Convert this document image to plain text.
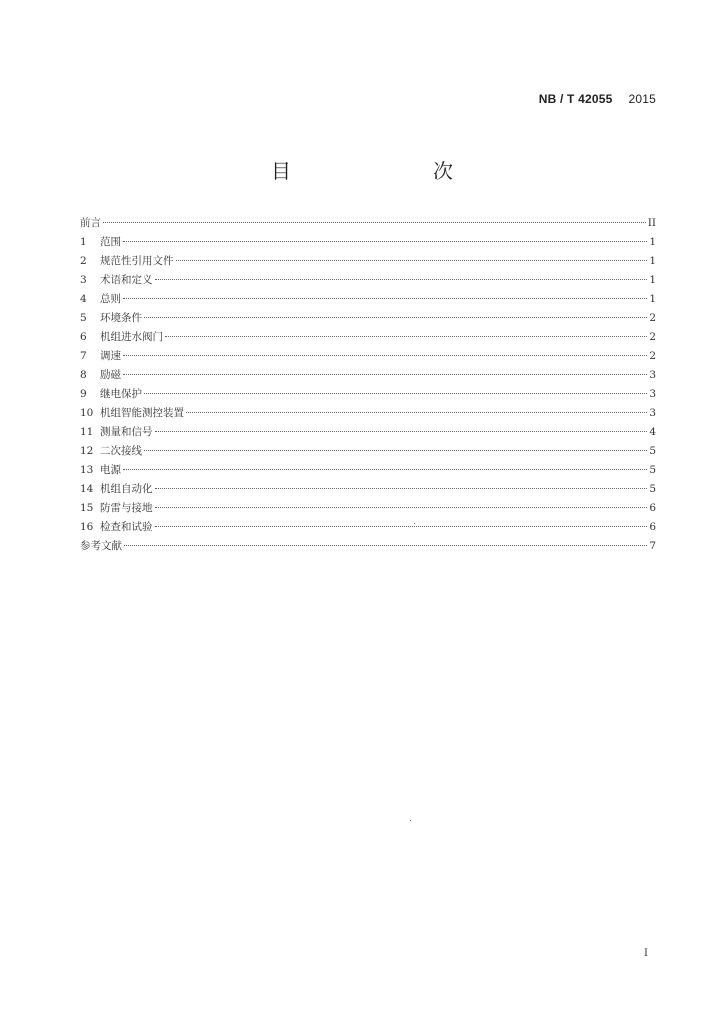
NB / T 42055 2015
目　　次
前言	II
1	范围	1
2	规范性引用文件	1
3	术语和定义	1
4	总则	1
5	环境条件	2
6	机组进水阀门	2
7	调速	2
8	励磁	3
9	继电保护	3
10 机组智能测控装置	3
11 测量和信号	4
12 二次接线	5
13 电源	5
14 机组自动化	5
15 防雷与接地	6
16 检查和试验	6
参考文献	7
I
